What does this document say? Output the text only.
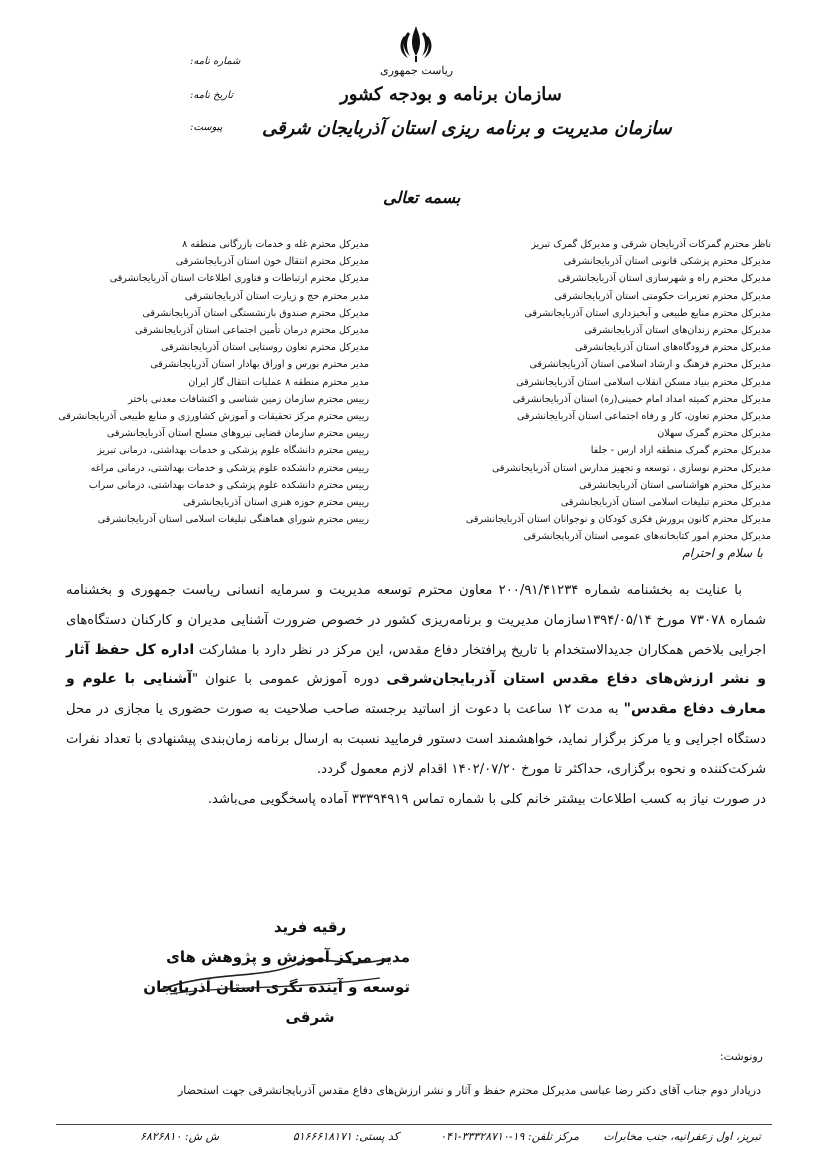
ریاست جمهوری
سازمان برنامه و بودجه کشور
سازمان مدیریت و برنامه ریزی استان آذربایجان شرقی
شماره نامه:
تاریخ نامه:
پیوست:
بسمه تعالی
ناظر محترم گمرکات آذربایجان شرقی و مدیرکل گمرک تبریز
مدیرکل محترم پزشکی قانونی استان آذربایجانشرقی
مدیرکل محترم راه و شهرسازی استان آذربایجانشرقی
مدیرکل محترم تعزیرات حکومتی استان آذربایجانشرقی
مدیرکل محترم منابع طبیعی و آبخیزداری استان آذربایجانشرقی
مدیرکل محترم زندان‌های استان آذربایجانشرقی
مدیرکل محترم فرودگاه‌های استان آذربایجانشرقی
مدیرکل محترم فرهنگ و ارشاد اسلامی استان آذربایجانشرقی
مدیرکل محترم بنیاد مسکن انقلاب اسلامی استان آذربایجانشرقی
مدیرکل محترم کمیته امداد امام خمینی(ره) استان آذربایجانشرقی
مدیرکل محترم تعاون، کار و رفاه اجتماعی استان آذربایجانشرقی
مدیرکل محترم گمرک سهلان
مدیرکل محترم گمرک منطقه ازاد ارس - جلفا
مدیرکل محترم نوسازی ، توسعه و تجهیز مدارس استان آذربایجانشرقی
مدیرکل محترم هواشناسی استان آذربایجانشرقی
مدیرکل محترم تبلیغات اسلامی استان آذربایجانشرقی
مدیرکل محترم کانون پرورش فکری کودکان و نوجوانان استان آذربایجانشرقی
مدیرکل محترم امور کتابخانه‌های عمومی استان آذربایجانشرقی
مدیرکل محترم غله و خدمات بازرگانی منطقه ۸
مدیرکل محترم انتقال خون استان آذربایجانشرقی
مدیرکل محترم ارتباطات و فناوری اطلاعات استان آذربایجانشرقی
مدیر محترم حج و زیارت استان آذربایجانشرقی
مدیرکل محترم صندوق بازنشستگی استان آذربایجانشرقی
مدیرکل محترم درمان تأمین اجتماعی استان آذربایجانشرقی
مدیرکل محترم تعاون روستایی استان آذربایجانشرقی
مدیر محترم بورس و اوراق بهادار استان آذربایجانشرقی
مدیر محترم منطقه ۸ عملیات انتقال گاز ایران
رییس محترم سازمان زمین شناسی و اکتشافات معدنی باختر
رییس محترم مرکز تحقیقات و آموزش کشاورزی و منابع طبیعی آذربایجانشرقی
رییس محترم سازمان قضایی نیروهای مسلح استان آذربایجانشرقی
رییس محترم دانشگاه علوم پزشکی و خدمات بهداشتی، درمانی تبریز
رییس محترم دانشکده علوم پزشکی و خدمات بهداشتی، درمانی مراغه
رییس محترم دانشکده علوم پزشکی و خدمات بهداشتی، درمانی سراب
رییس محترم حوزه هنری استان آذربایجانشرقی
رییس محترم شورای هماهنگی تبلیغات اسلامی استان آذربایجانشرقی
با سلام و احترام

با عنایت به بخشنامه شماره ۲۰۰/۹۱/۴۱۲۳۴ معاون محترم توسعه مدیریت و سرمایه انسانی ریاست جمهوری و بخشنامه شماره ۷۳۰۷۸ مورخ ۱۳۹۴/۰۵/۱۴سازمان مدیریت و برنامه‌ریزی کشور در خصوص ضرورت آشنایی مدیران و کارکنان دستگاه‌های اجرایی بلاخص همکاران جدیدالاستخدام با تاریخ پرافتخار دفاع مقدس، این مرکز در نظر دارد با مشارکت اداره کل حفظ آثار و نشر ارزش‌های دفاع مقدس استان آذربایجان‌شرقی دوره آموزش عمومی با عنوان "آشنایی با علوم و معارف دفاع مقدس" به مدت ۱۲ ساعت با دعوت از اساتید برجسته صاحب صلاحیت به صورت حضوری یا مجازی در محل دستگاه اجرایی و یا مرکز برگزار نماید، خواهشمند است دستور فرمایید نسبت به ارسال برنامه زمان‌بندی پیشنهادی با تعداد نفرات شرکت‌کننده و نحوه برگزاری، حداکثر تا مورخ ۱۴۰۲/۰۷/۲۰ اقدام لازم معمول گردد.

در صورت نیاز به کسب اطلاعات بیشتر خانم کلی با شماره تماس ۳۳۳۹۴۹۱۹ آماده پاسخگویی می‌باشد.

رقیه فرید
مدیر مرکز آموزش و پژوهش های
توسعه و آینده نگری استان آذربایجان
شرقی
رونوشت:
دریادار دوم جناب آقای دکتر رضا عباسی مدیرکل محترم حفظ و آثار و نشر ارزش‌های دفاع مقدس آذربایجانشرقی جهت استحضار
تبریز، اول زعفرانیه، جنب مخابرات
مرکز تلفن: ۱۹-۳۳۳۲۸۷۱۰-۰۴۱
کد پستی: ۵۱۶۶۶۱۸۱۷۱
ش ش: ۶۸۲۶۸۱۰
